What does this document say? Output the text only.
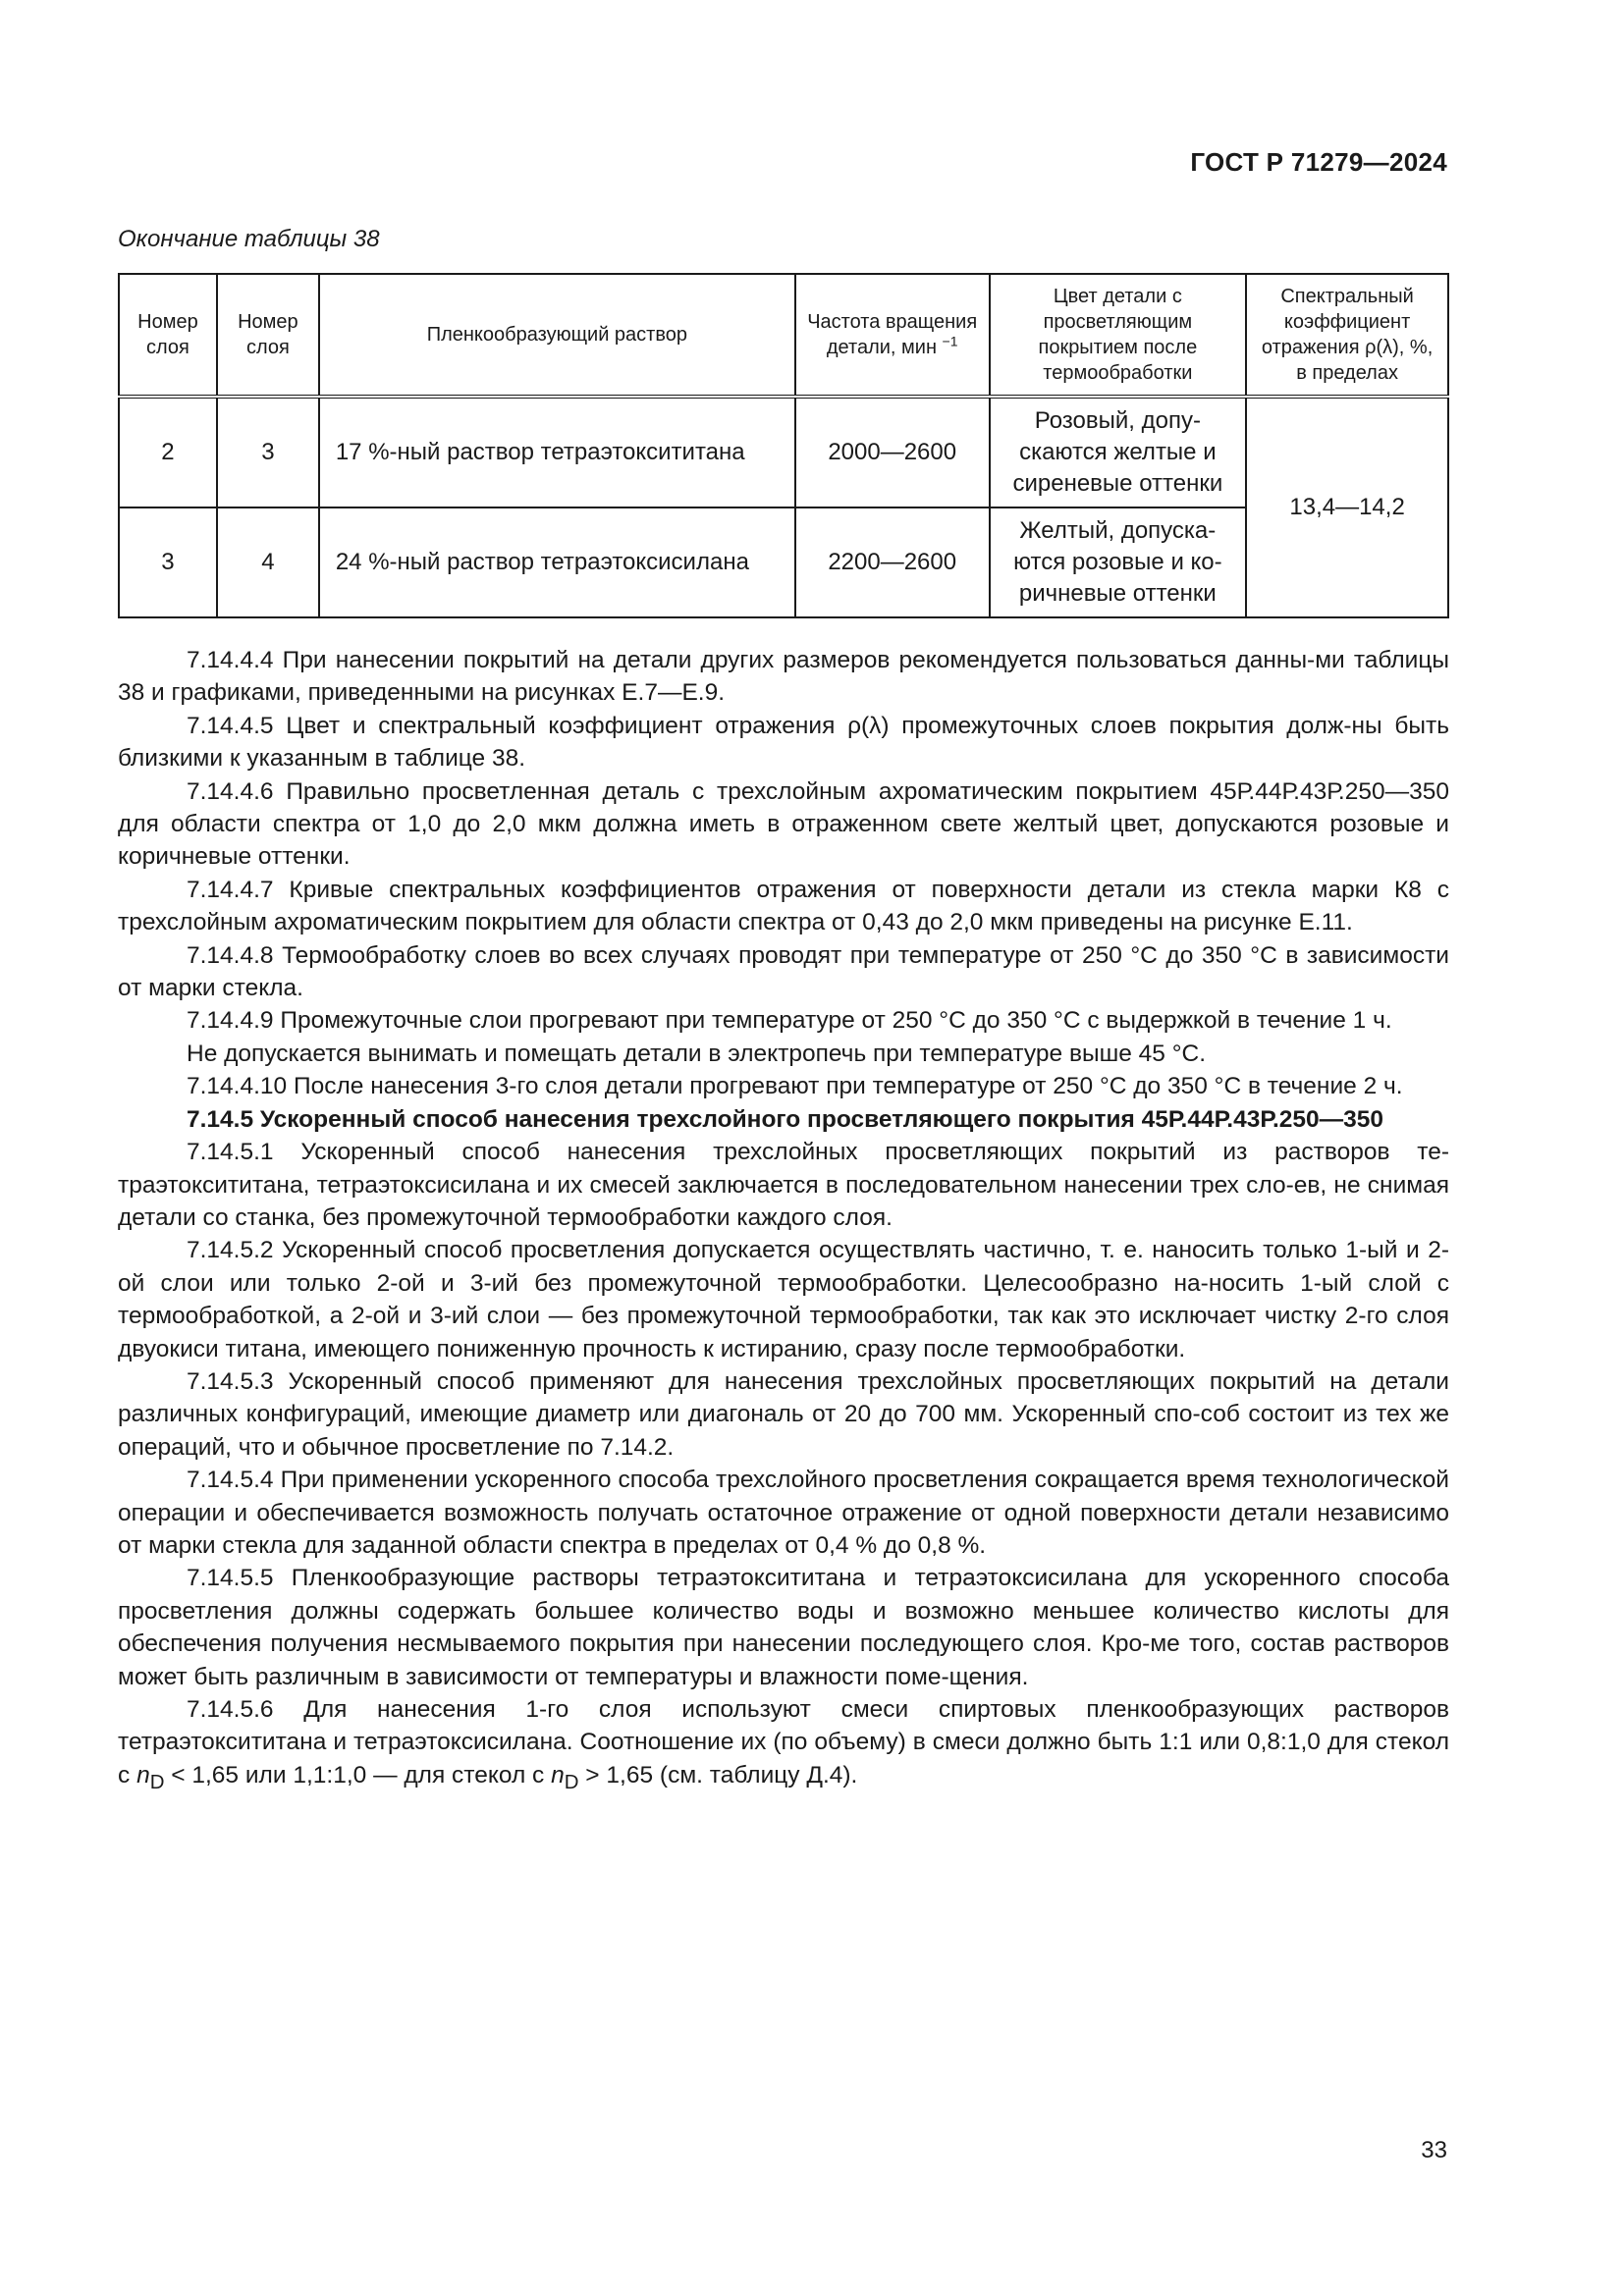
ГОСТ Р 71279—2024
Окончание таблицы 38
Номер слоя	Номер слоя	Пленкообразующий раствор	Частота вращения детали, мин $^{-1}$	Цвет детали с просветляющим покрытием после термообработки	Спектральный коэффициент отражения ρ(λ), %, в пределах
2	3	17 %-ный раствор тетраэтоксититана	2000—2600	Розовый, допу-скаются желтые и сиреневые оттенки	13,4—14,2
3	4	24 %-ный раствор тетраэтоксисилана	2200—2600	Желтый, допуска-ются розовые и ко-ричневые оттенки	

7.14.4.4 При нанесении покрытий на детали других размеров рекомендуется пользоваться данны-ми таблицы 38 и графиками, приведенными на рисунках Е.7—Е.9.

7.14.4.5 Цвет и спектральный коэффициент отражения ρ(λ) промежуточных слоев покрытия долж-ны быть близкими к указанным в таблице 38.

7.14.4.6 Правильно просветленная деталь с трехслойным ахроматическим покрытием 45Р.44Р.43Р.250—350 для области спектра от 1,0 до 2,0 мкм должна иметь в отраженном свете желтый цвет, допускаются розовые и коричневые оттенки.

7.14.4.7 Кривые спектральных коэффициентов отражения от поверхности детали из стекла марки К8 с трехслойным ахроматическим покрытием для области спектра от 0,43 до 2,0 мкм приведены на рисунке Е.11.

7.14.4.8 Термообработку слоев во всех случаях проводят при температуре от 250 °С до 350 °С в зависимости от марки стекла.

7.14.4.9 Промежуточные слои прогревают при температуре от 250 °С до 350 °С с выдержкой в течение 1 ч.

Не допускается вынимать и помещать детали в электропечь при температуре выше 45 °С.

7.14.4.10 После нанесения 3-го слоя детали прогревают при температуре от 250 °С до 350 °С в течение 2 ч.

7.14.5 Ускоренный способ нанесения трехслойного просветляющего покрытия 45Р.44Р.43Р.250—350

7.14.5.1 Ускоренный способ нанесения трехслойных просветляющих покрытий из растворов те-траэтоксититана, тетраэтоксисилана и их смесей заключается в последовательном нанесении трех сло-ев, не снимая детали со станка, без промежуточной термообработки каждого слоя.

7.14.5.2 Ускоренный способ просветления допускается осуществлять частично, т. е. наносить только 1-ый и 2-ой слои или только 2-ой и 3-ий без промежуточной термообработки. Целесообразно на-носить 1-ый слой с термообработкой, а 2-ой и 3-ий слои — без промежуточной термообработки, так как это исключает чистку 2-го слоя двуокиси титана, имеющего пониженную прочность к истиранию, сразу после термообработки.

7.14.5.3 Ускоренный способ применяют для нанесения трехслойных просветляющих покрытий на детали различных конфигураций, имеющие диаметр или диагональ от 20 до 700 мм. Ускоренный спо-соб состоит из тех же операций, что и обычное просветление по 7.14.2.

7.14.5.4 При применении ускоренного способа трехслойного просветления сокращается время технологической операции и обеспечивается возможность получать остаточное отражение от одной поверхности детали независимо от марки стекла для заданной области спектра в пределах от 0,4 % до 0,8 %.

7.14.5.5 Пленкообразующие растворы тетраэтоксититана и тетраэтоксисилана для ускоренного способа просветления должны содержать большее количество воды и возможно меньшее количество кислоты для обеспечения получения несмываемого покрытия при нанесении последующего слоя. Кро-ме того, состав растворов может быть различным в зависимости от температуры и влажности поме-щения.

7.14.5.6 Для нанесения 1-го слоя используют смеси спиртовых пленкообразующих растворов тетраэтоксититана и тетраэтоксисилана. Соотношение их (по объему) в смеси должно быть 1:1 или 0,8:1,0 для стекол с $n_D < 1,65$ или 1,1:1,0 — для стекол с $n_D > 1,65$ (см. таблицу Д.4).

33
